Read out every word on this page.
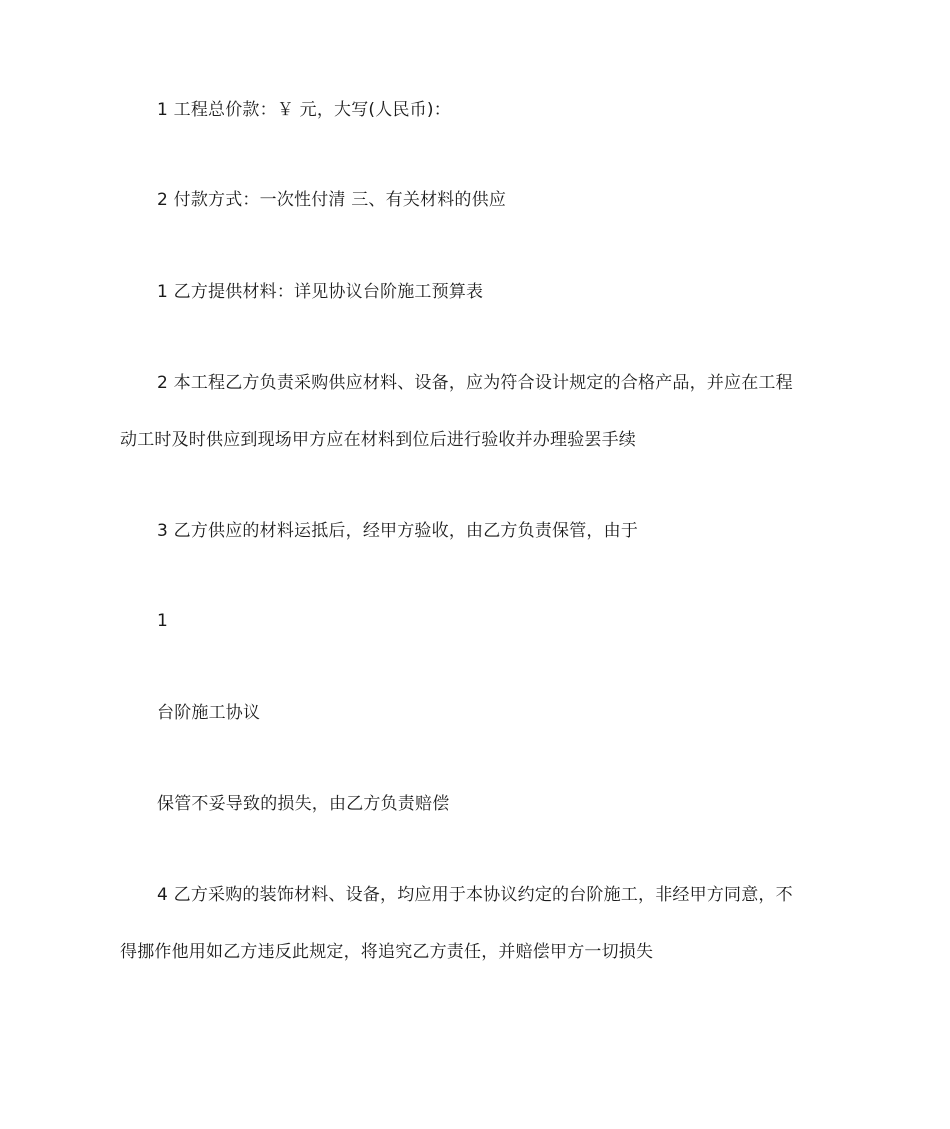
1 工程总价款：￥ 元，大写(人民币)：
2 付款方式：一次性付清 三、有关材料的供应
1 乙方提供材料：详见协议台阶施工预算表
2 本工程乙方负责采购供应材料、设备，应为符合设计规定的合格产品，并应在工程
动工时及时供应到现场甲方应在材料到位后进行验收并办理验罢手续
3 乙方供应的材料运抵后，经甲方验收，由乙方负责保管，由于
1
台阶施工协议
保管不妥导致的损失，由乙方负责赔偿
4 乙方采购的装饰材料、设备，均应用于本协议约定的台阶施工，非经甲方同意，不
得挪作他用如乙方违反此规定，将追究乙方责任，并赔偿甲方一切损失
